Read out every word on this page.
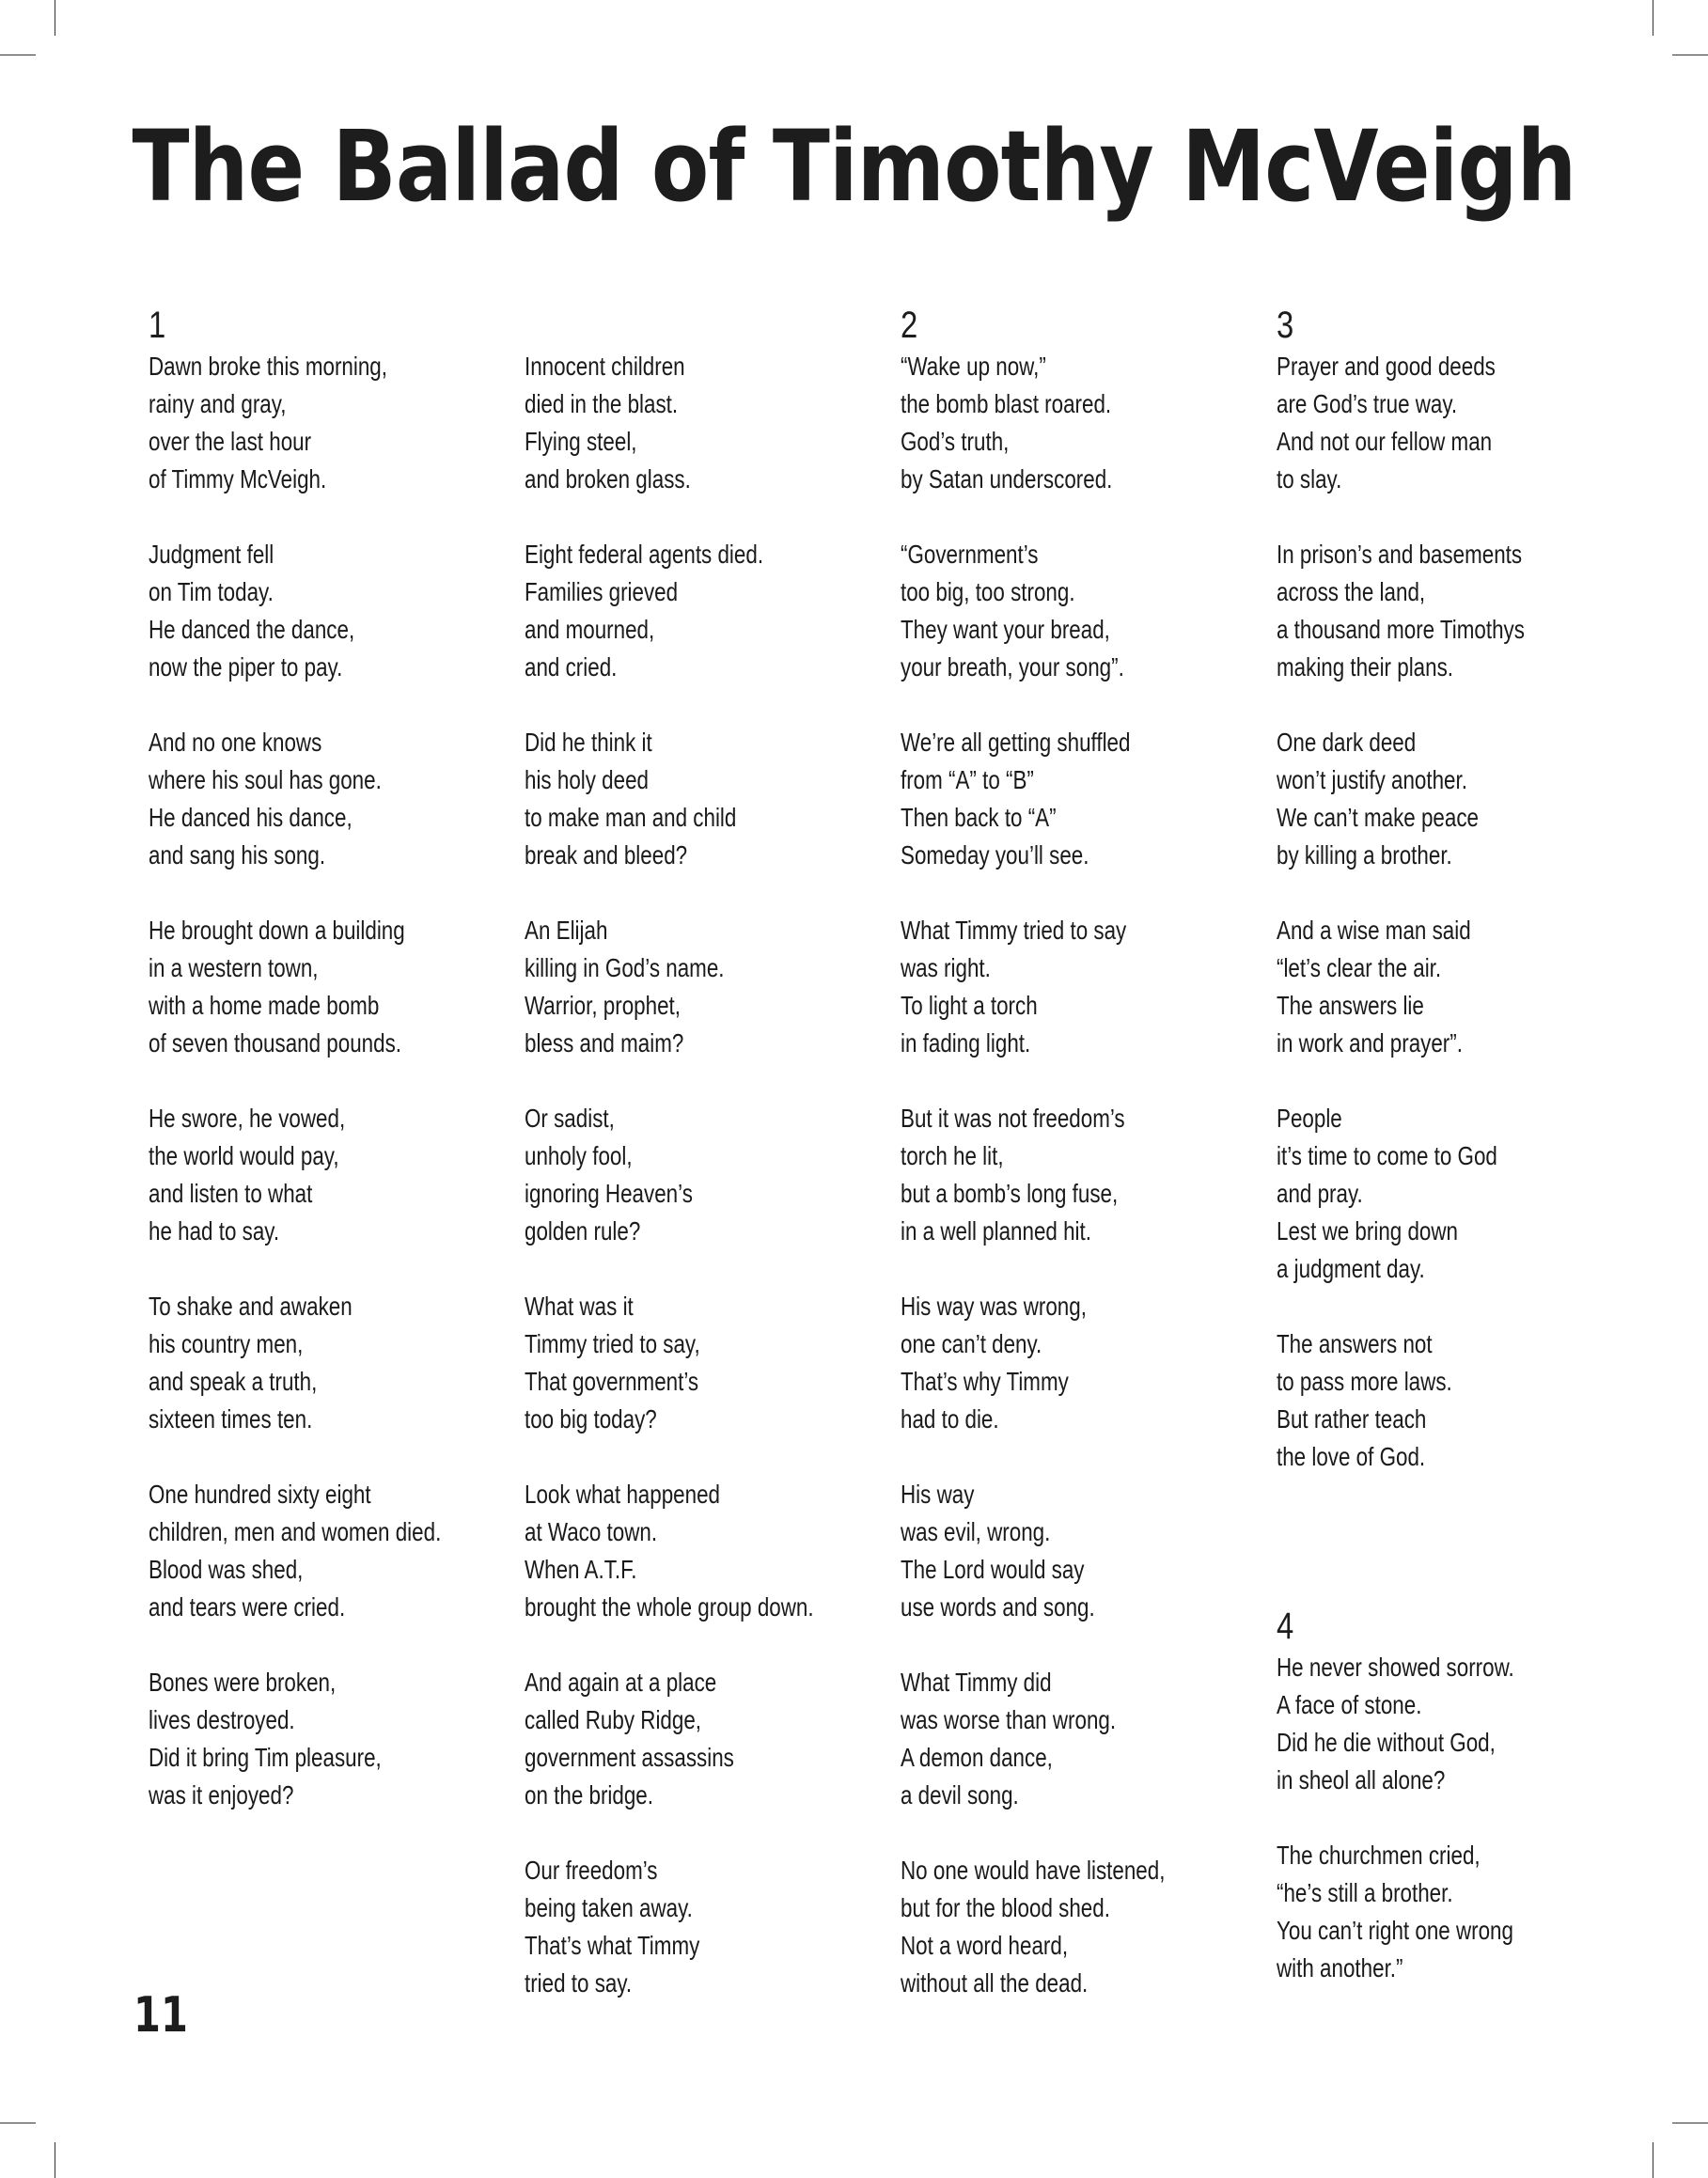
The Ballad of Timothy McVeigh
1
Dawn broke this morning,
rainy and gray,
over the last hour
of Timmy McVeigh.
Judgment fell
on Tim today.
He danced the dance,
now the piper to pay.
And no one knows
where his soul has gone.
He danced his dance,
and sang his song.
He brought down a building
in a western town,
with a home made bomb
of seven thousand pounds.
He swore, he vowed,
the world would pay,
and listen to what
he had to say.
To shake and awaken
his country men,
and speak a truth,
sixteen times ten.
One hundred sixty eight
children, men and women died.
Blood was shed,
and tears were cried.
Bones were broken,
lives destroyed.
Did it bring Tim pleasure,
was it enjoyed?
Innocent children
died in the blast.
Flying steel,
and broken glass.
Eight federal agents died.
Families grieved
and mourned,
and cried.
Did he think it
his holy deed
to make man and child
break and bleed?
An Elijah
killing in God’s name.
Warrior, prophet,
bless and maim?
Or sadist,
unholy fool,
ignoring Heaven’s
golden rule?
What was it
Timmy tried to say,
That government’s
too big today?
Look what happened
at Waco town.
When A.T.F.
brought the whole group down.
And again at a place
called Ruby Ridge,
government assassins
on the bridge.
Our freedom’s
being taken away.
That’s what Timmy
tried to say.
2
“Wake up now,”
the bomb blast roared.
God’s truth,
by Satan underscored.
“Government’s
too big, too strong.
They want your bread,
your breath, your song”.
We’re all getting shuffled
from “A” to “B”
Then back to “A”
Someday you’ll see.
What Timmy tried to say
was right.
To light a torch
in fading light.
But it was not freedom’s
torch he lit,
but a bomb’s long fuse,
in a well planned hit.
His way was wrong,
one can’t deny.
That’s why Timmy
had to die.
His way
was evil, wrong.
The Lord would say
use words and song.
What Timmy did
was worse than wrong.
A demon dance,
a devil song.
No one would have listened,
but for the blood shed.
Not a word heard,
without all the dead.
3
Prayer and good deeds
are God’s true way.
And not our fellow man
to slay.
In prison’s and basements
across the land,
a thousand more Timothys
making their plans.
One dark deed
won’t justify another.
We can’t make peace
by killing a brother.
And a wise man said
“let’s clear the air.
The answers lie
in work and prayer”.
People
it’s time to come to God
and pray.
Lest we bring down
a judgment day.
The answers not
to pass more laws.
But rather teach
the love of God.
4
He never showed sorrow.
A face of stone.
Did he die without God,
in sheol all alone?
The churchmen cried,
“he’s still a brother.
You can’t right one wrong
with another.”
11
